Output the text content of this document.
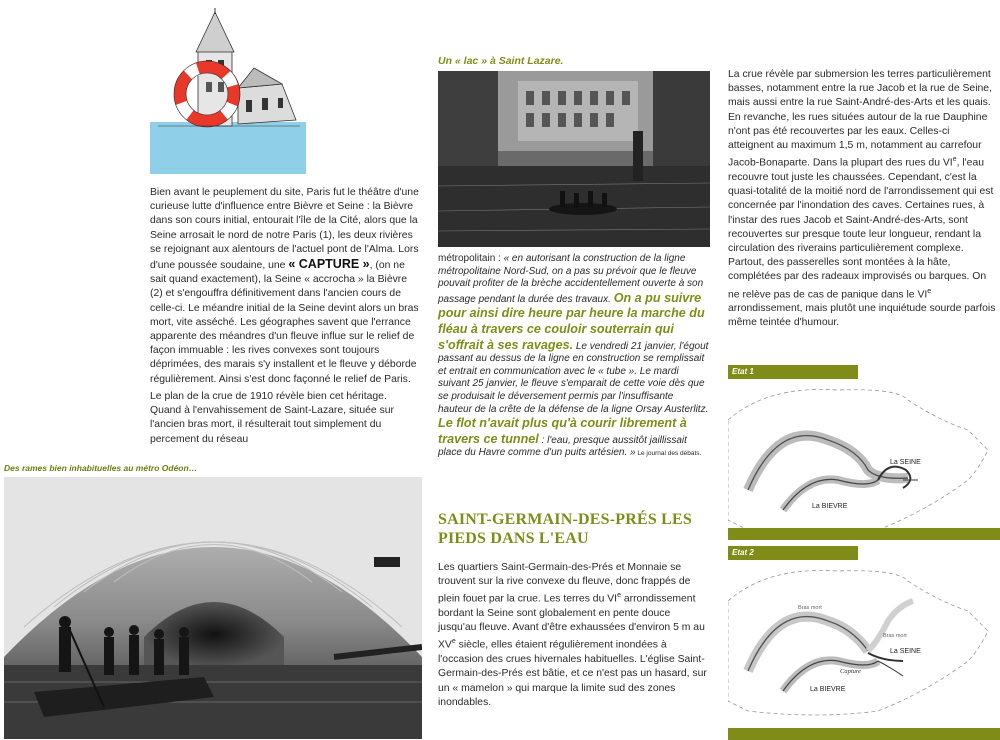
Bien avant le peuplement du site, Paris fut le théâtre d'une curieuse lutte d'influence entre Bièvre et Seine : la Bièvre dans son cours initial, entourait l'île de la Cité, alors que la Seine arrosait le nord de notre Paris (1), les deux rivières se rejoignant aux alentours de l'actuel pont de l'Alma. Lors d'une poussée soudaine, une « CAPTURE », (on ne sait quand exactement), la Seine « accrocha » la Bièvre (2) et s'engouffra définitivement dans l'ancien cours de celle-ci. Le méandre initial de la Seine devint alors un bras mort, vite asséché. Les géographes savent que l'errance apparente des méandres d'un fleuve influe sur le relief de façon immuable : les rives convexes sont toujours déprimées, des marais s'y installent et le fleuve y déborde régulièrement. Ainsi s'est donc façonné le relief de Paris.
Le plan de la crue de 1910 révèle bien cet héritage. Quand à l'envahissement de Saint-Lazare, située sur l'ancien bras mort, il résulterait tout simplement du percement du réseau
Des rames bien inhabituelles au métro Odéon…
Un « lac » à Saint Lazare.
métropolitain : « en autorisant la construction de la ligne métropolitaine Nord-Sud, on a pas su prévoir que le fleuve pouvait profiter de la brèche accidentellement ouverte à son passage pendant la durée des travaux. On a pu suivre pour ainsi dire heure par heure la marche du fléau à travers ce couloir souterrain qui s'offrait à ses ravages. Le vendredi 21 janvier, l'égout passant au dessus de la ligne en construction se remplissait et entrait en communication avec le « tube ». Le mardi suivant 25 janvier, le fleuve s'emparait de cette voie dès que se produisait le déversement permis par l'insuffisante hauteur de la crête de la défense de la ligne Orsay Austerlitz. Le flot n'avait plus qu'à courir librement à travers ce tunnel : l'eau, presque aussitôt jaillissait place du Havre comme d'un puits artésien. » Le journal des débats.
SAINT-GERMAIN-DES-PRÉS LES
PIEDS DANS L'EAU
Les quartiers Saint-Germain-des-Prés et Monnaie se trouvent sur la rive convexe du fleuve, donc frappés de plein fouet par la crue. Les terres du VIe arrondissement bordant la Seine sont globalement en pente douce jusqu'au fleuve. Avant d'être exhaussées d'environ 5 m au XVe siècle, elles étaient régulièrement inondées à l'occasion des crues hivernales habituelles. L'église Saint-Germain-des-Prés est bâtie, et ce n'est pas un hasard, sur un « mamelon » qui marque la limite sud des zones inondables.
La crue révèle par submersion les terres particulièrement basses, notamment entre la rue Jacob et la rue de Seine, mais aussi entre la rue Saint-André-des-Arts et les quais. En revanche, les rues situées autour de la rue Dauphine n'ont pas été recouvertes par les eaux. Celles-ci atteignent au maximum 1,5 m, notamment au carrefour Jacob-Bonaparte. Dans la plupart des rues du VIe, l'eau recouvre tout juste les chaussées. Cependant, c'est la quasi-totalité de la moitié nord de l'arrondissement qui est concernée par l'inondation des caves. Certaines rues, à l'instar des rues Jacob et Saint-André-des-Arts, sont recouvertes sur presque toute leur longueur, rendant la circulation des riverains particulièrement complexe. Partout, des passerelles sont montées à la hâte, complétées par des radeaux improvisés ou barques. On ne relève pas de cas de panique dans le VIe arrondissement, mais plutôt une inquiétude sourde parfois même teintée d'humour.
Etat 1
La SEINE
La BIEVRE
Etat 2
Bras mort
Bras mort
La SEINE
Capture
La BIEVRE
